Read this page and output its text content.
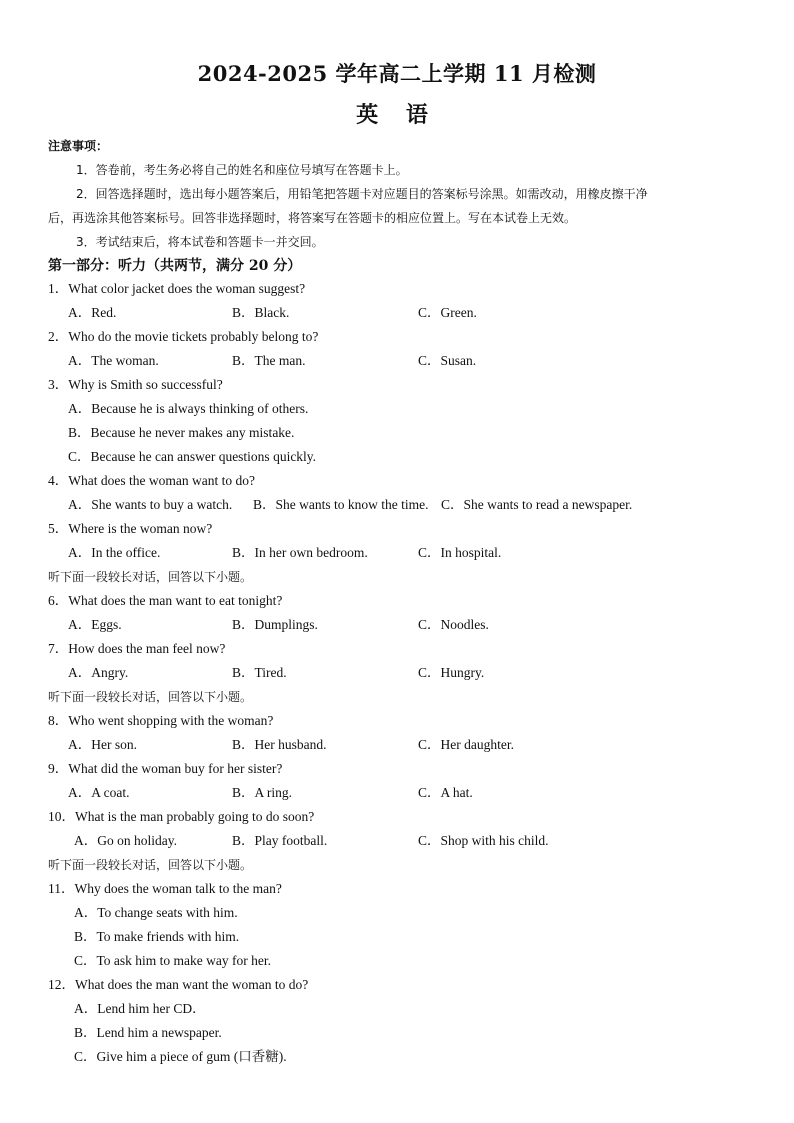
2024-2025 学年高二上学期 11 月检测
英 语
注意事项：
1．答卷前，考生务必将自己的姓名和座位号填写在答题卡上。
2．回答选择题时，选出每小题答案后，用铅笔把答题卡对应题目的答案标号涂黑。如需改动，用橡皮擦干净
后，再选涂其他答案标号。回答非选择题时，将答案写在答题卡的相应位置上。写在本试卷上无效。
3．考试结束后，将本试卷和答题卡一并交回。
第一部分：听力（共两节，满分 20 分）
1．What color jacket does the woman suggest?
A．Red.	B．Black.	C．Green.
2．Who do the movie tickets probably belong to?
A．The woman.	B．The man.	C．Susan.
3．Why is Smith so successful?
A．Because he is always thinking of others.
B．Because he never makes any mistake.
C．Because he can answer questions quickly.
4．What does the woman want to do?
A．She wants to buy a watch. B．She wants to know the time. C．She wants to read a newspaper.
5．Where is the woman now?
A．In the office.	B．In her own bedroom.	C．In hospital.
听下面一段较长对话，回答以下小题。
6．What does the man want to eat tonight?
A．Eggs.	B．Dumplings.	C．Noodles.
7．How does the man feel now?
A．Angry.	B．Tired.	C．Hungry.
听下面一段较长对话，回答以下小题。
8．Who went shopping with the woman?
A．Her son.	B．Her husband.	C．Her daughter.
9．What did the woman buy for her sister?
A．A coat.	B．A ring.	C．A hat.
10．What is the man probably going to do soon?
A．Go on holiday.	B．Play football.	C．Shop with his child.
听下面一段较长对话，回答以下小题。
11．Why does the woman talk to the man?
A．To change seats with him.
B．To make friends with him.
C．To ask him to make way for her.
12．What does the man want the woman to do?
A．Lend him her CD．
B．Lend him a newspaper.
C．Give him a piece of gum (口香糖).
